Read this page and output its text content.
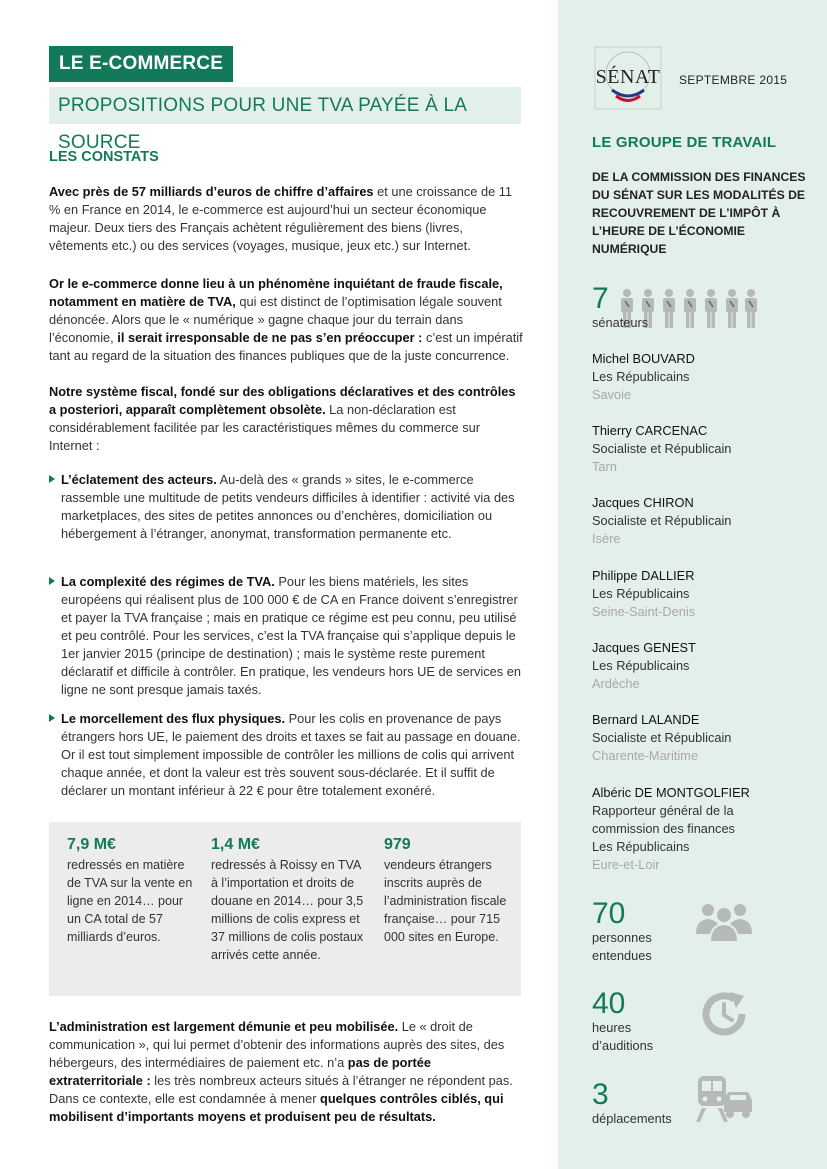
LE E-COMMERCE
PROPOSITIONS POUR UNE TVA PAYÉE À LA SOURCE
LES CONSTATS
Avec près de 57 milliards d’euros de chiffre d’affaires et une croissance de 11 % en France en 2014, le e-commerce est aujourd’hui un secteur économique majeur. Deux tiers des Français achètent régulièrement des biens (livres, vêtements etc.) ou des services (voyages, musique, jeux etc.) sur Internet.
Or le e-commerce donne lieu à un phénomène inquiétant de fraude fiscale, notamment en matière de TVA, qui est distinct de l’optimisation légale souvent dénoncée. Alors que le « numérique » gagne chaque jour du terrain dans l’économie, il serait irresponsable de ne pas s’en préoccuper : c’est un impératif tant au regard de la situation des finances publiques que de la juste concurrence.
Notre système fiscal, fondé sur des obligations déclaratives et des contrôles a posteriori, apparaît complètement obsolète. La non-déclaration est considérablement facilitée par les caractéristiques mêmes du commerce sur Internet :
L’éclatement des acteurs. Au-delà des « grands » sites, le e-commerce rassemble une multitude de petits vendeurs difficiles à identifier : activité via des marketplaces, des sites de petites annonces ou d’enchères, domiciliation ou hébergement à l’étranger, anonymat, transformation permanente etc.
La complexité des régimes de TVA. Pour les biens matériels, les sites européens qui réalisent plus de 100 000 € de CA en France doivent s’enregistrer et payer la TVA française ; mais en pratique ce régime est peu connu, peu utilisé et peu contrôlé. Pour les services, c’est la TVA française qui s’applique depuis le 1er janvier 2015 (principe de destination) ; mais le système reste purement déclaratif et difficile à contrôler. En pratique, les vendeurs hors UE de services en ligne ne sont presque jamais taxés.
Le morcellement des flux physiques. Pour les colis en provenance de pays étrangers hors UE, le paiement des droits et taxes se fait au passage en douane. Or il est tout simplement impossible de contrôler les millions de colis qui arrivent chaque année, et dont la valeur est très souvent sous-déclarée. Et il suffit de déclarer un montant inférieur à 22 € pour être totalement exonéré.
7,9 M€
redressés en matière de TVA sur la vente en ligne en 2014… pour un CA total de 57 milliards d’euros.
1,4 M€
redressés à Roissy en TVA à l’importation et droits de douane en 2014… pour 3,5 millions de colis express et 37 millions de colis postaux arrivés cette année.
979
vendeurs étrangers inscrits auprès de l’administration fiscale française… pour 715 000 sites en Europe.
L’administration est largement démunie et peu mobilisée. Le « droit de communication », qui lui permet d’obtenir des informations auprès des sites, des hébergeurs, des intermédiaires de paiement etc. n’a pas de portée extraterritoriale : les très nombreux acteurs situés à l’étranger ne répondent pas. Dans ce contexte, elle est condamnée à mener quelques contrôles ciblés, qui mobilisent d’importants moyens et produisent peu de résultats.
SÉNAT SEPTEMBRE 2015
LE GROUPE DE TRAVAIL
DE LA COMMISSION DES FINANCES DU SÉNAT SUR LES MODALITÉS DE RECOUVREMENT DE L’IMPÔT À L’HEURE DE L’ÉCONOMIE NUMÉRIQUE
7
sénateurs
Michel BOUVARD
Les Républicains
Savoie
Thierry CARCENAC
Socialiste et Républicain
Tarn
Jacques CHIRON
Socialiste et Républicain
Isère
Philippe DALLIER
Les Républicains
Seine-Saint-Denis
Jacques GENEST
Les Républicains
Ardèche
Bernard LALANDE
Socialiste et Républicain
Charente-Maritime
Albéric DE MONTGOLFIER
Rapporteur général de la
commission des finances
Les Républicains
Eure-et-Loir
70
personnes
entendues
40
heures
d’auditions
3
déplacements
